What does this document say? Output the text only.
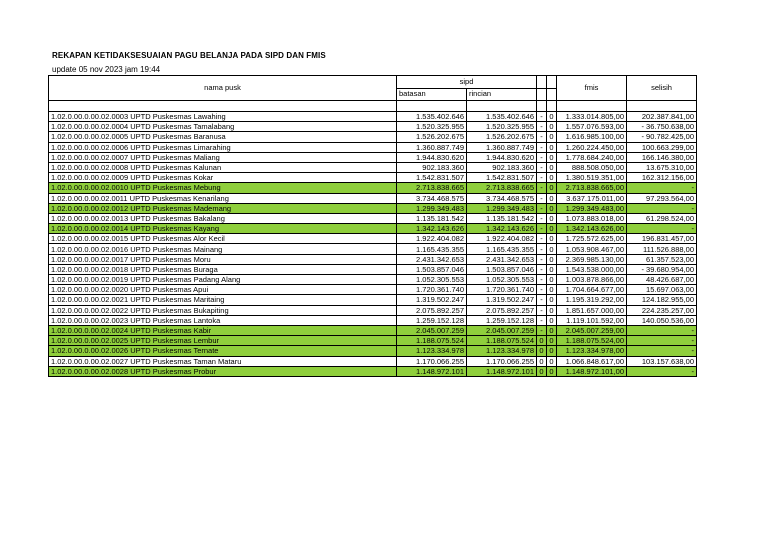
REKAPAN KETIDAKSESUAIAN PAGU BELANJA PADA SIPD DAN FMIS
update 05 nov 2023 jam 19:44
nama pusk	sipd				fmis	selisih
	batasan	rincian				

1.02.0.00.0.00.02.0003 UPTD Puskesmas Lawahing	1.535.402.646	1.535.402.646	-	0	1.333.014.805,00	202.387.841,00
1.02.0.00.0.00.02.0004 UPTD Puskesmas Tamalabang	1.520.325.955	1.520.325.955	-	0	1.557.076.593,00	- 36.750.638,00
1.02.0.00.0.00.02.0005 UPTD Puskesmas Baranusa	1.526.202.675	1.526.202.675	-	0	1.616.985.100,00	- 90.782.425,00
1.02.0.00.0.00.02.0006 UPTD Puskesmas Limarahing	1.360.887.749	1.360.887.749	-	0	1.260.224.450,00	100.663.299,00
1.02.0.00.0.00.02.0007 UPTD Puskesmas Maliang	1.944.830.620	1.944.830.620	-	0	1.778.684.240,00	166.146.380,00
1.02.0.00.0.00.02.0008 UPTD Puskesmas Kalunan	902.183.360	902.183.360	-	0	888.508.050,00	13.675.310,00
1.02.0.00.0.00.02.0009 UPTD Puskesmas Kokar	1.542.831.507	1.542.831.507	-	0	1.380.519.351,00	162.312.156,00
1.02.0.00.0.00.02.0010 UPTD Puskesmas Mebung	2.713.838.665	2.713.838.665	-	0	2.713.838.665,00	-
1.02.0.00.0.00.02.0011 UPTD Puskesmas Kenarilang	3.734.468.575	3.734.468.575	-	0	3.637.175.011,00	97.293.564,00
1.02.0.00.0.00.02.0012 UPTD Puskesmas Mademang	1.299.349.483	1.299.349.483	-	0	1.299.349.483,00	-
1.02.0.00.0.00.02.0013 UPTD Puskesmas Bakalang	1.135.181.542	1.135.181.542	-	0	1.073.883.018,00	61.298.524,00
1.02.0.00.0.00.02.0014 UPTD Puskesmas Kayang	1.342.143.626	1.342.143.626	-	0	1.342.143.626,00	-
1.02.0.00.0.00.02.0015 UPTD Puskesmas Alor Kecil	1.922.404.082	1.922.404.082	-	0	1.725.572.625,00	196.831.457,00
1.02.0.00.0.00.02.0016 UPTD Puskesmas Mainang	1.165.435.355	1.165.435.355	-	0	1.053.908.467,00	111.526.888,00
1.02.0.00.0.00.02.0017 UPTD Puskesmas Moru	2.431.342.653	2.431.342.653	-	0	2.369.985.130,00	61.357.523,00
1.02.0.00.0.00.02.0018 UPTD Puskesmas Buraga	1.503.857.046	1.503.857.046	-	0	1.543.538.000,00	- 39.680.954,00
1.02.0.00.0.00.02.0019 UPTD Puskesmas Padang Alang	1.052.305.553	1.052.305.553	-	0	1.003.878.866,00	48.426.687,00
1.02.0.00.0.00.02.0020 UPTD Puskesmas Apui	1.720.361.740	1.720.361.740	-	0	1.704.664.677,00	15.697.063,00
1.02.0.00.0.00.02.0021 UPTD Puskesmas Maritaing	1.319.502.247	1.319.502.247	-	0	1.195.319.292,00	124.182.955,00
1.02.0.00.0.00.02.0022 UPTD Puskesmas Bukapiting	2.075.892.257	2.075.892.257	-	0	1.851.657.000,00	224.235.257,00
1.02.0.00.0.00.02.0023 UPTD Puskesmas Lantoka	1.259.152.128	1.259.152.128	-	0	1.119.101.592,00	140.050.536,00
1.02.0.00.0.00.02.0024 UPTD Puskesmas Kabir	2.045.007.259	2.045.007.259	-	0	2.045.007.259,00	-
1.02.0.00.0.00.02.0025 UPTD Puskesmas Lembur	1.188.075.524	1.188.075.524	0	0	1.188.075.524,00	-
1.02.0.00.0.00.02.0026 UPTD Puskesmas Ternate	1.123.334.978	1.123.334.978	0	0	1.123.334.978,00	-
1.02.0.00.0.00.02.0027 UPTD Puskesmas Taman Mataru	1.170.066.255	1.170.066.255	0	0	1.066.848.617,00	103.157.638,00
1.02.0.00.0.00.02.0028 UPTD Puskesmas Probur	1.148.972.101	1.148.972.101	0	0	1.148.972.101,00	-
